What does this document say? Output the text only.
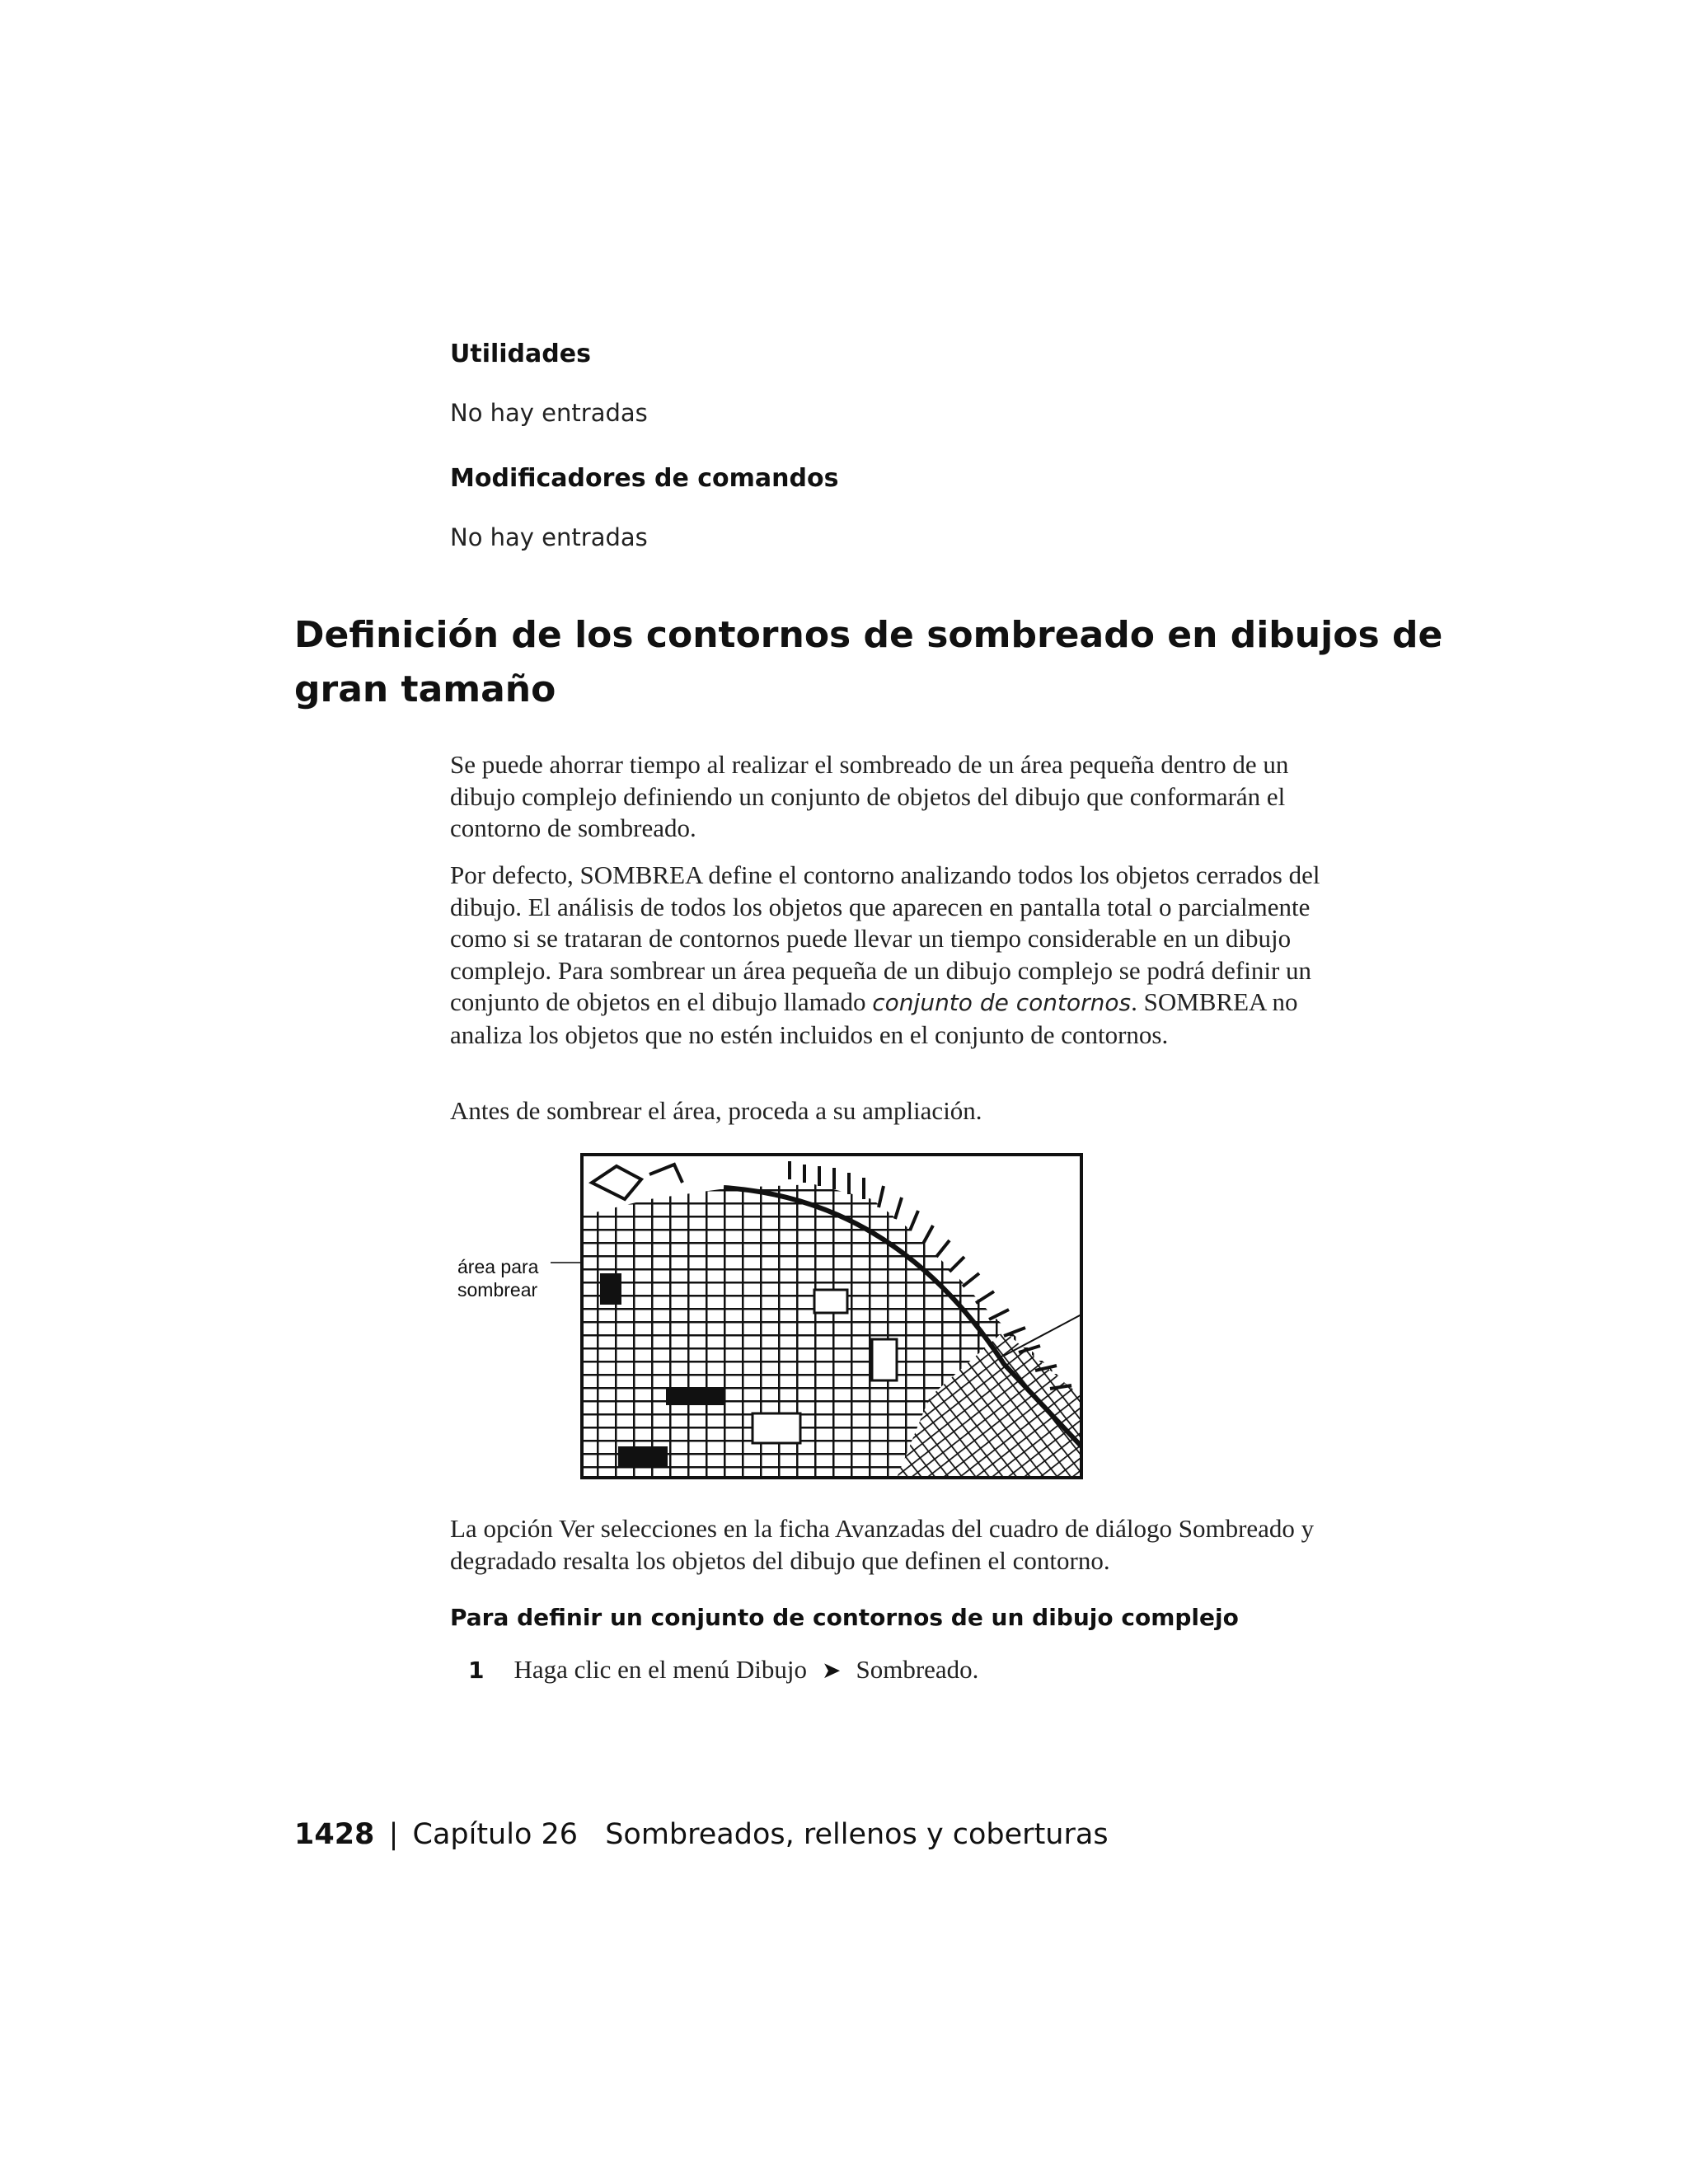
Utilidades
No hay entradas
Modificadores de comandos
No hay entradas
Definición de los contornos de sombreado en dibujos de gran tamaño

Se puede ahorrar tiempo al realizar el sombreado de un área pequeña dentro de un dibujo complejo definiendo un conjunto de objetos del dibujo que conformarán el contorno de sombreado.

Por defecto, SOMBREA define el contorno analizando todos los objetos cerrados del dibujo. El análisis de todos los objetos que aparecen en pantalla total o parcialmente como si se trataran de contornos puede llevar un tiempo considerable en un dibujo complejo. Para sombrear un área pequeña de un dibujo complejo se podrá definir un conjunto de objetos en el dibujo llamado conjunto de contornos. SOMBREA no analiza los objetos que no estén incluidos en el conjunto de contornos.

Antes de sombrear el área, proceda a su ampliación.

área para
sombrear

La opción Ver selecciones en la ficha Avanzadas del cuadro de diálogo Sombreado y degradado resalta los objetos del dibujo que definen el contorno.

Para definir un conjunto de contornos de un dibujo complejo
1 Haga clic en el menú Dibujo ➤ Sombreado.
1428 | Capítulo 26 Sombreados, rellenos y coberturas
